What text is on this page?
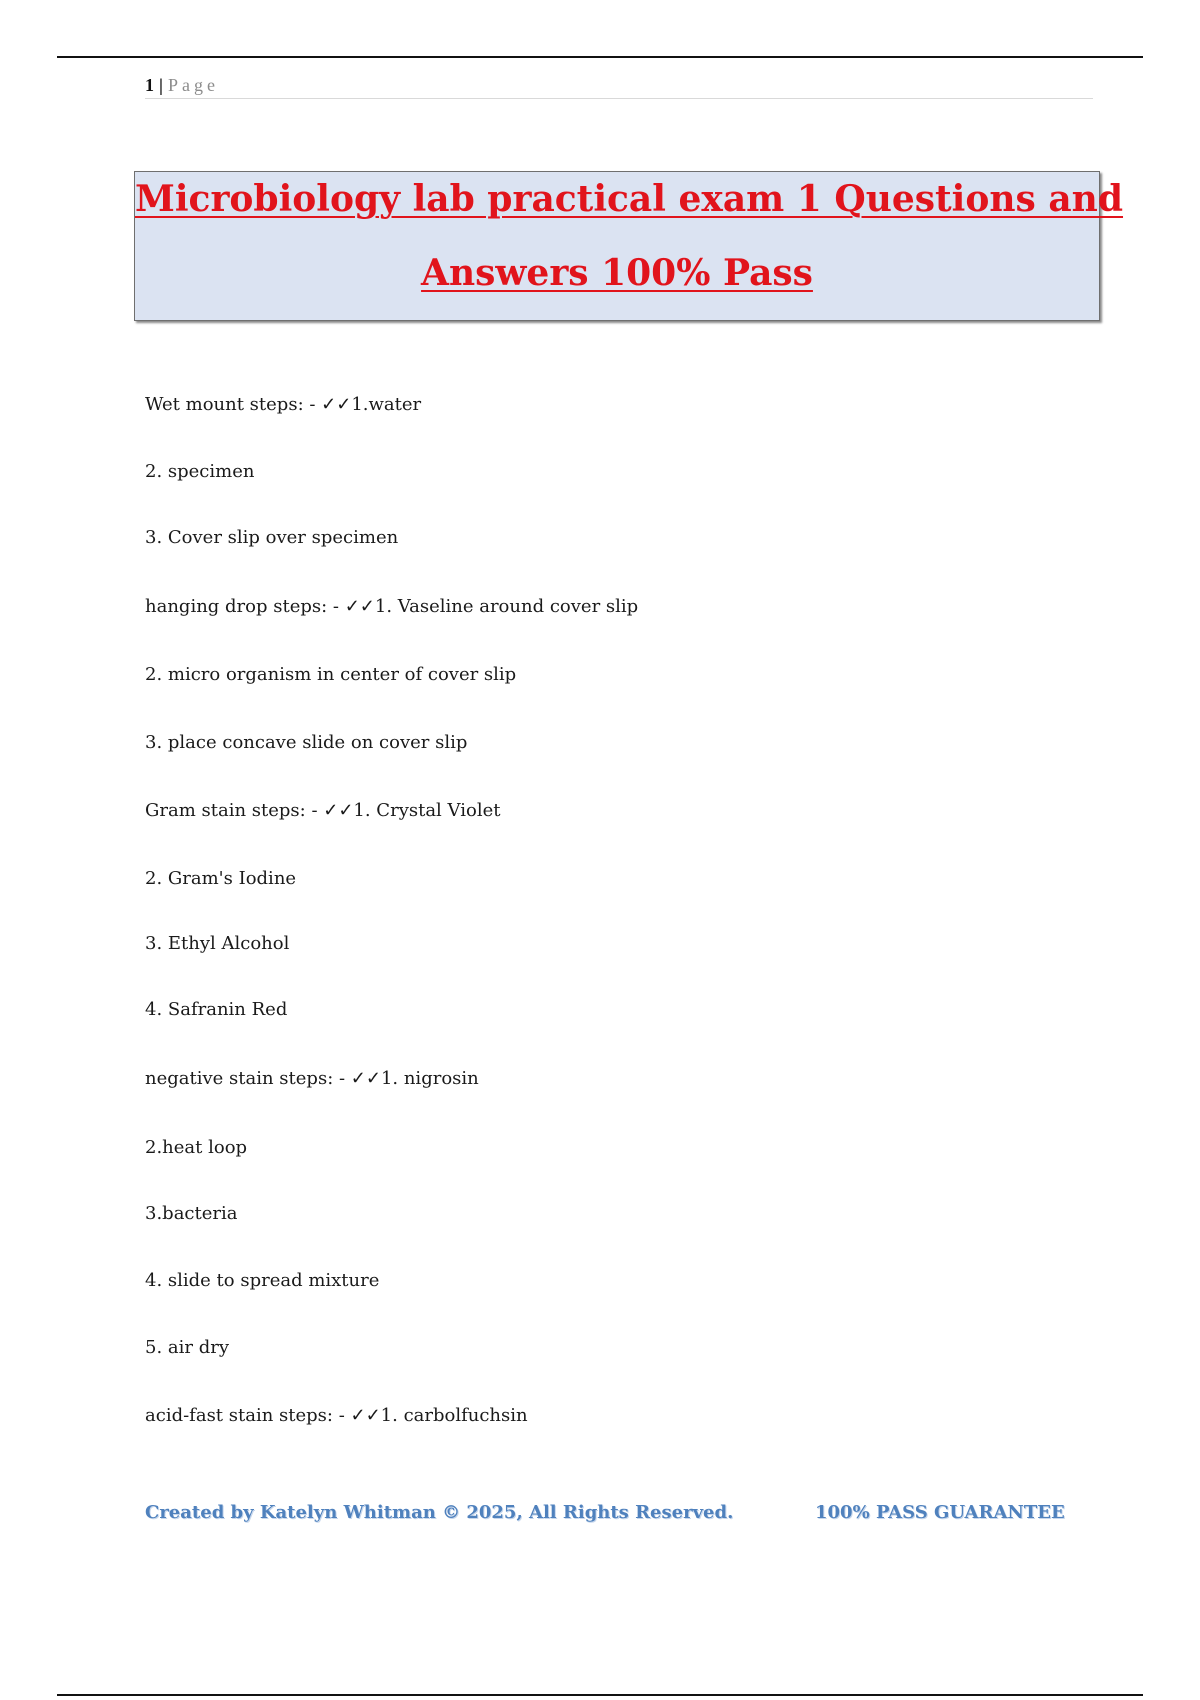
1 | Page
Microbiology lab practical exam 1 Questions and
Answers 100% Pass
Wet mount steps: - ✓✓1.water
2. specimen
3. Cover slip over specimen
hanging drop steps: - ✓✓1. Vaseline around cover slip
2. micro organism in center of cover slip
3. place concave slide on cover slip
Gram stain steps: - ✓✓1. Crystal Violet
2. Gram's Iodine
3. Ethyl Alcohol
4. Safranin Red
negative stain steps: - ✓✓1. nigrosin
2.heat loop
3.bacteria
4. slide to spread mixture
5. air dry
acid-fast stain steps: - ✓✓1. carbolfuchsin
Created by Katelyn Whitman © 2025, All Rights Reserved.	100% PASS GUARANTEE
